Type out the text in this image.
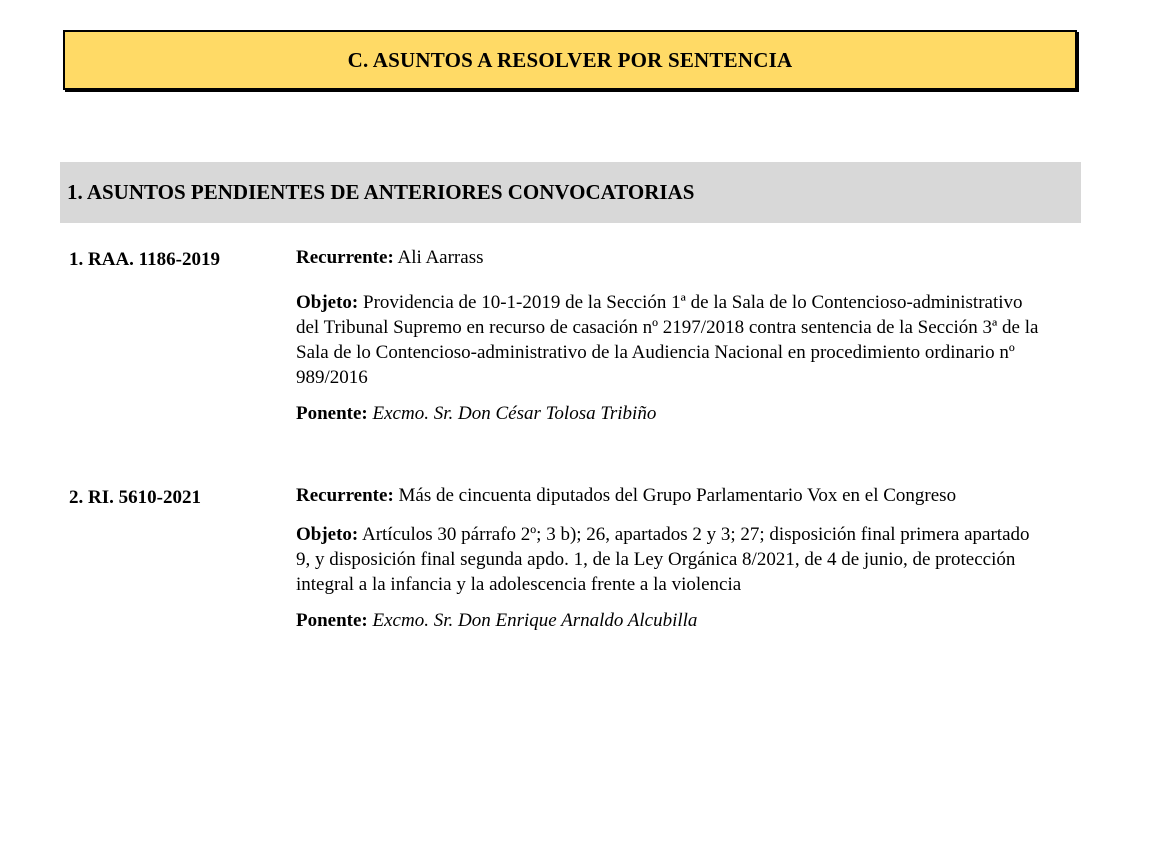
C. ASUNTOS A RESOLVER POR SENTENCIA
1. ASUNTOS PENDIENTES DE ANTERIORES CONVOCATORIAS
1. RAA. 1186-2019	Recurrente: Ali Aarrass

Objeto: Providencia de 10-1-2019 de la Sección 1ª de la Sala de lo Contencioso-administrativo del Tribunal Supremo en recurso de casación nº 2197/2018 contra sentencia de la Sección 3ª de la Sala de lo Contencioso-administrativo de la Audiencia Nacional en procedimiento ordinario nº 989/2016

Ponente: Excmo. Sr. Don César Tolosa Tribiño

2. RI. 5610-2021	Recurrente: Más de cincuenta diputados del Grupo Parlamentario Vox en el Congreso

Objeto: Artículos 30 párrafo 2º; 3 b); 26, apartados 2 y 3; 27; disposición final primera apartado 9, y disposición final segunda apdo. 1, de la Ley Orgánica 8/2021, de 4 de junio, de protección integral a la infancia y la adolescencia frente a la violencia

Ponente: Excmo. Sr. Don Enrique Arnaldo Alcubilla
